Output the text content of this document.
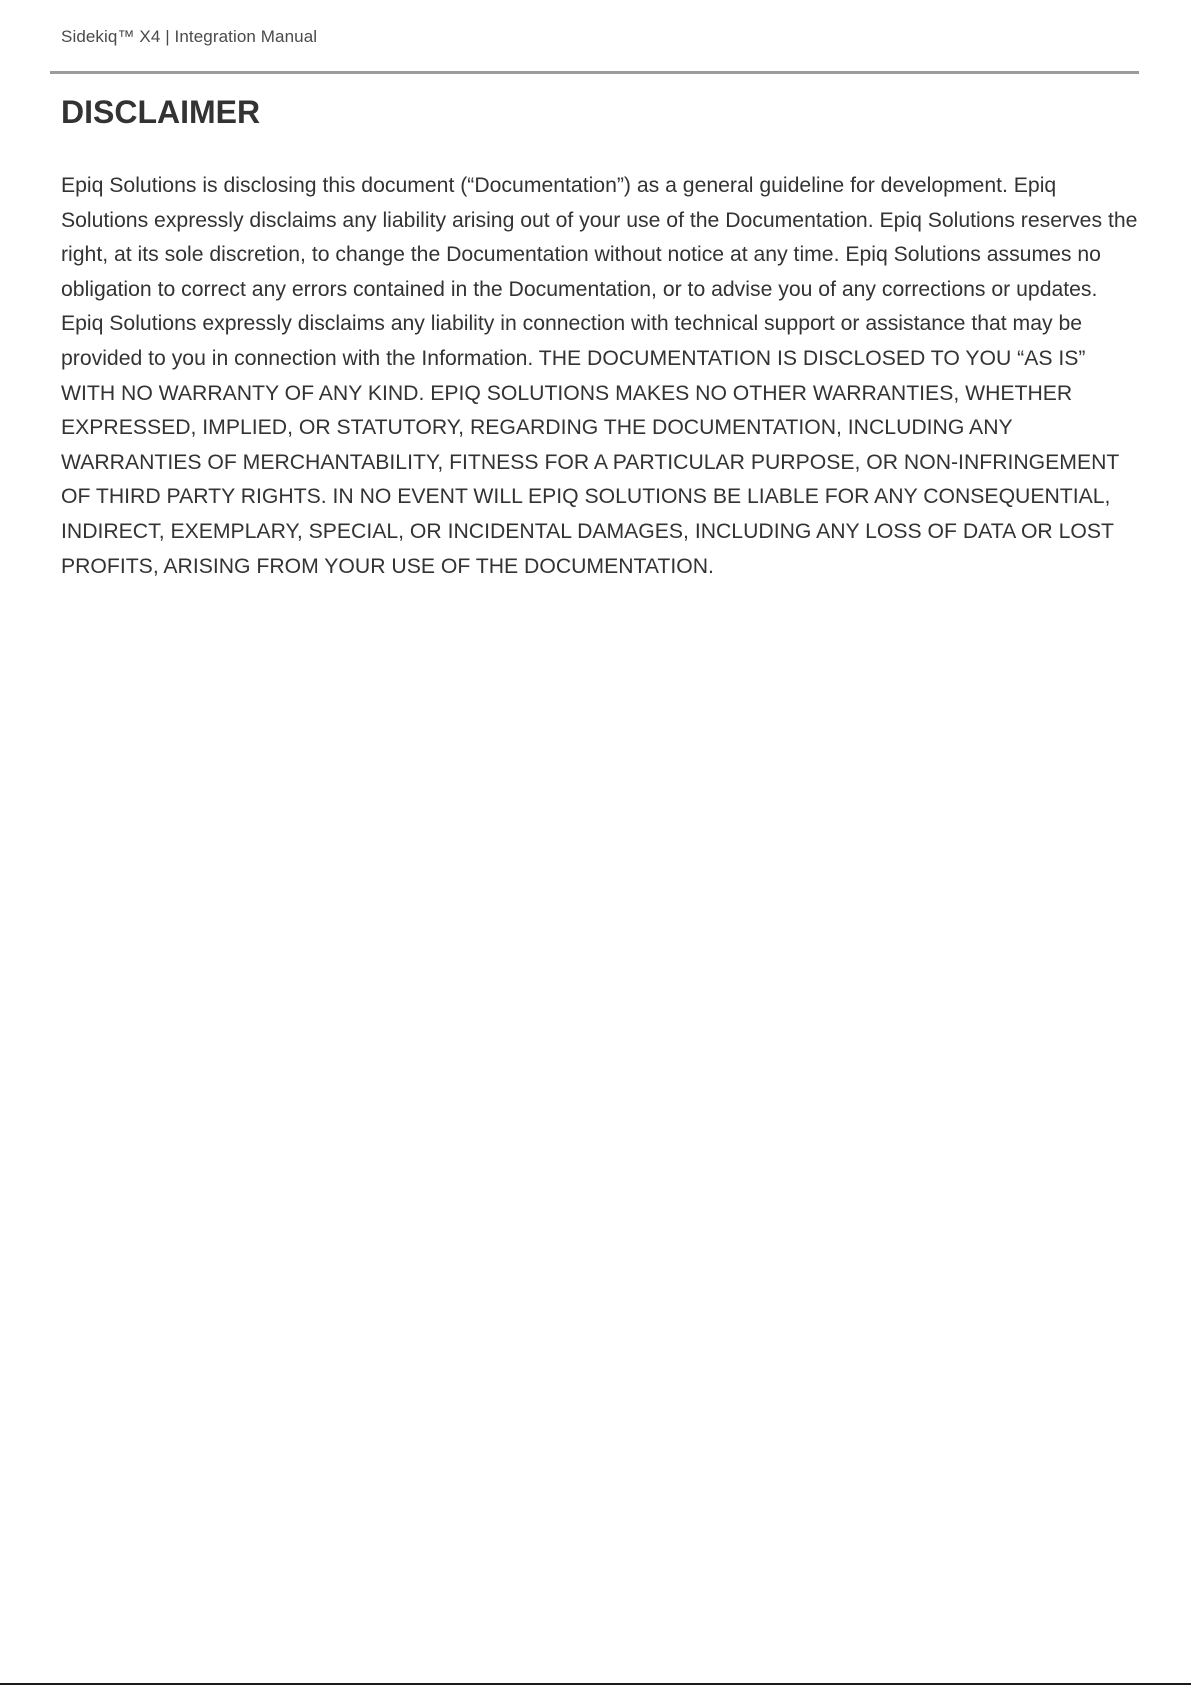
Sidekiq™ X4 | Integration Manual
DISCLAIMER

Epiq Solutions is disclosing this document (“Documentation”) as a general guideline for development. Epiq Solutions expressly disclaims any liability arising out of your use of the Documentation. Epiq Solutions reserves the right, at its sole discretion, to change the Documentation without notice at any time. Epiq Solutions assumes no obligation to correct any errors contained in the Documentation, or to advise you of any corrections or updates. Epiq Solutions expressly disclaims any liability in connection with technical support or assistance that may be provided to you in connection with the Information. THE DOCUMENTATION IS DISCLOSED TO YOU “AS IS” WITH NO WARRANTY OF ANY KIND. EPIQ SOLUTIONS MAKES NO OTHER WARRANTIES, WHETHER EXPRESSED, IMPLIED, OR STATUTORY, REGARDING THE DOCUMENTATION, INCLUDING ANY WARRANTIES OF MERCHANTABILITY, FITNESS FOR A PARTICULAR PURPOSE, OR NON-INFRINGEMENT OF THIRD PARTY RIGHTS. IN NO EVENT WILL EPIQ SOLUTIONS BE LIABLE FOR ANY CONSEQUENTIAL, INDIRECT, EXEMPLARY, SPECIAL, OR INCIDENTAL DAMAGES, INCLUDING ANY LOSS OF DATA OR LOST PROFITS, ARISING FROM YOUR USE OF THE DOCUMENTATION.
